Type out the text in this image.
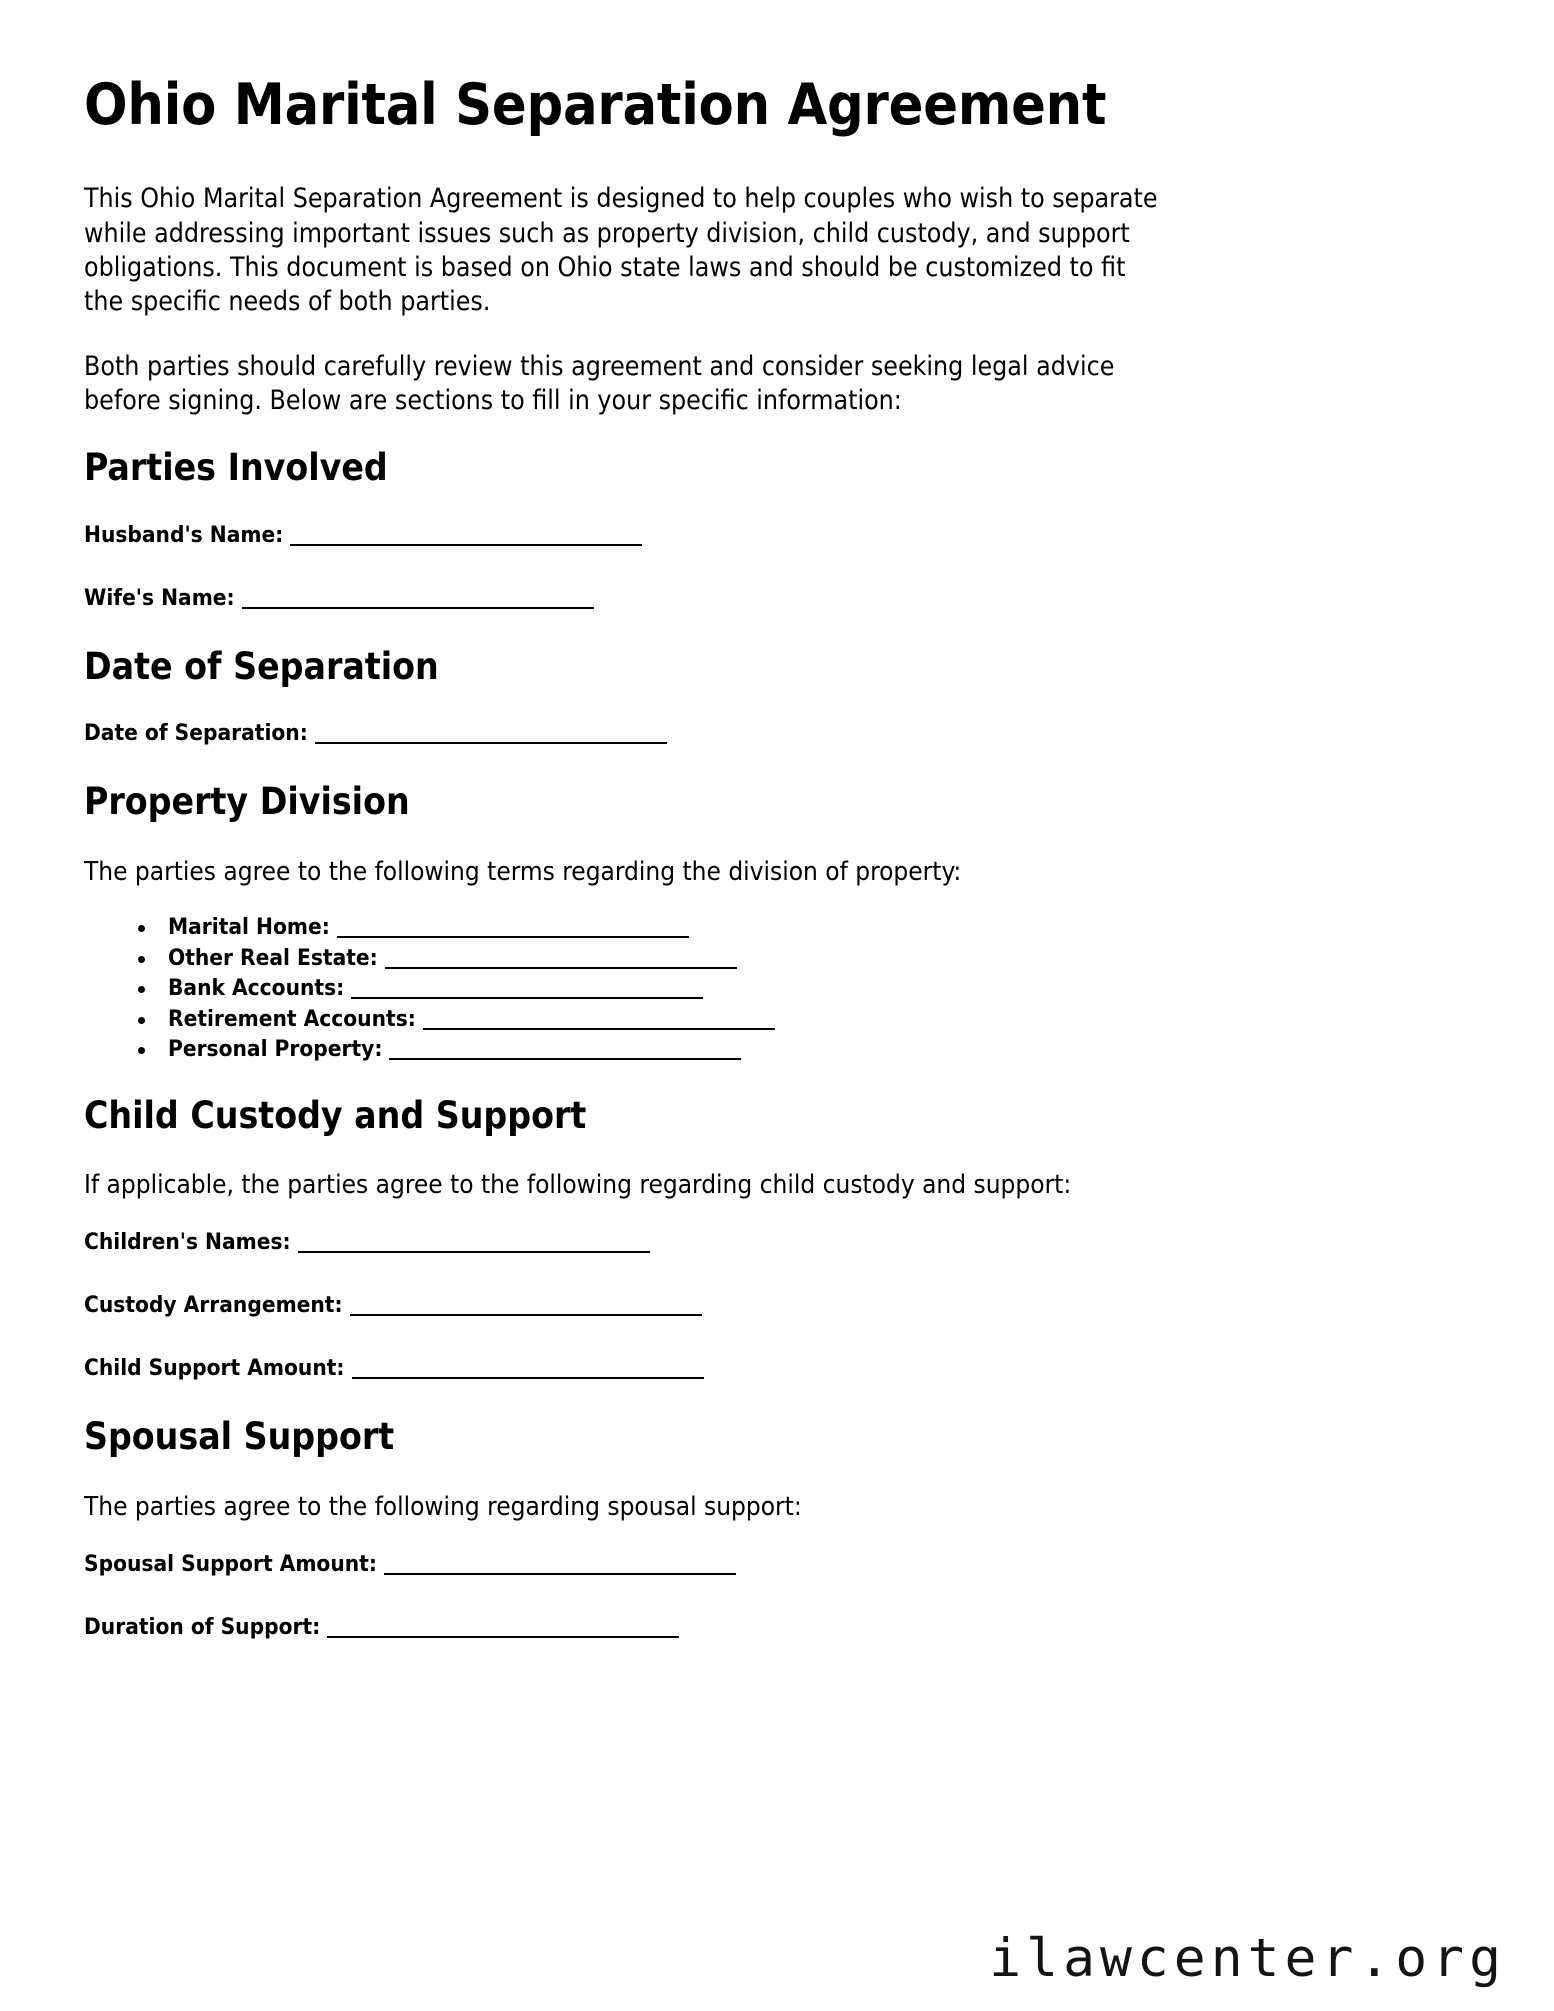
Ohio Marital Separation Agreement

This Ohio Marital Separation Agreement is designed to help couples who wish to separate while addressing important issues such as property division, child custody, and support obligations. This document is based on Ohio state laws and should be customized to fit the specific needs of both parties.

Both parties should carefully review this agreement and consider seeking legal advice before signing. Below are sections to fill in your specific information:

Parties Involved
Husband's Name:
Wife's Name:
Date of Separation
Date of Separation:
Property Division

The parties agree to the following terms regarding the division of property:

Marital Home:
Other Real Estate:
Bank Accounts:
Retirement Accounts:
Personal Property:
Child Custody and Support

If applicable, the parties agree to the following regarding child custody and support:

Children's Names:
Custody Arrangement:
Child Support Amount:
Spousal Support

The parties agree to the following regarding spousal support:

Spousal Support Amount:
Duration of Support:
ilawcenter.org
